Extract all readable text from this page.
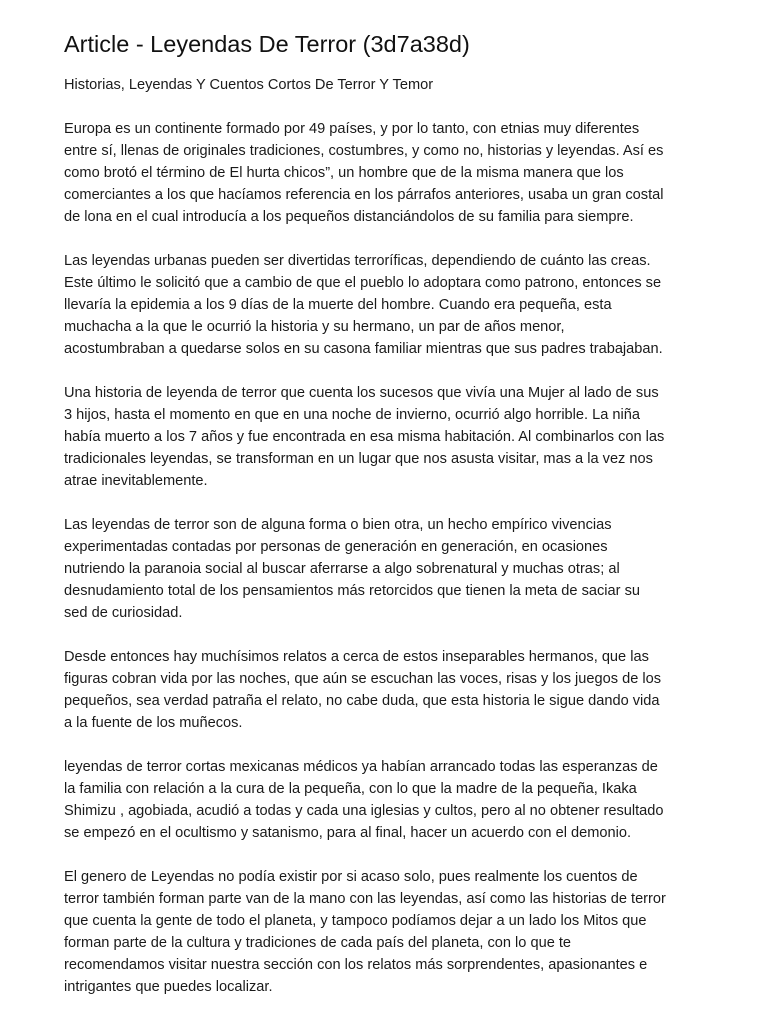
Article - Leyendas De Terror (3d7a38d)

Historias, Leyendas Y Cuentos Cortos De Terror Y Temor

Europa es un continente formado por 49 países, y por lo tanto, con etnias muy diferentes
entre sí, llenas de originales tradiciones, costumbres, y como no, historias y leyendas. Así es
como brotó el término de El hurta chicos”, un hombre que de la misma manera que los
comerciantes a los que hacíamos referencia en los párrafos anteriores, usaba un gran costal
de lona en el cual introducía a los pequeños distanciándolos de su familia para siempre.

Las leyendas urbanas pueden ser divertidas terroríficas, dependiendo de cuánto las creas.
Este último le solicitó que a cambio de que el pueblo lo adoptara como patrono, entonces se
llevaría la epidemia a los 9 días de la muerte del hombre. Cuando era pequeña, esta
muchacha a la que le ocurrió la historia y su hermano, un par de años menor,
acostumbraban a quedarse solos en su casona familiar mientras que sus padres trabajaban.

Una historia de leyenda de terror que cuenta los sucesos que vivía una Mujer al lado de sus
3 hijos, hasta el momento en que en una noche de invierno, ocurrió algo horrible. La niña
había muerto a los 7 años y fue encontrada en esa misma habitación. Al combinarlos con las
tradicionales leyendas, se transforman en un lugar que nos asusta visitar, mas a la vez nos
atrae inevitablemente.

Las leyendas de terror son de alguna forma o bien otra, un hecho empírico vivencias
experimentadas contadas por personas de generación en generación, en ocasiones
nutriendo la paranoia social al buscar aferrarse a algo sobrenatural y muchas otras; al
desnudamiento total de los pensamientos más retorcidos que tienen la meta de saciar su
sed de curiosidad.

Desde entonces hay muchísimos relatos a cerca de estos inseparables hermanos, que las
figuras cobran vida por las noches, que aún se escuchan las voces, risas y los juegos de los
pequeños, sea verdad patraña el relato, no cabe duda, que esta historia le sigue dando vida
a la fuente de los muñecos.

leyendas de terror cortas mexicanas médicos ya habían arrancado todas las esperanzas de
la familia con relación a la cura de la pequeña, con lo que la madre de la pequeña, Ikaka
Shimizu , agobiada, acudió a todas y cada una iglesias y cultos, pero al no obtener resultado
se empezó en el ocultismo y satanismo, para al final, hacer un acuerdo con el demonio.

El genero de Leyendas no podía existir por si acaso solo, pues realmente los cuentos de
terror también forman parte van de la mano con las leyendas, así como las historias de terror
que cuenta la gente de todo el planeta, y tampoco podíamos dejar a un lado los Mitos que
forman parte de la cultura y tradiciones de cada país del planeta, con lo que te
recomendamos visitar nuestra sección con los relatos más sorprendentes, apasionantes e
intrigantes que puedes localizar.
